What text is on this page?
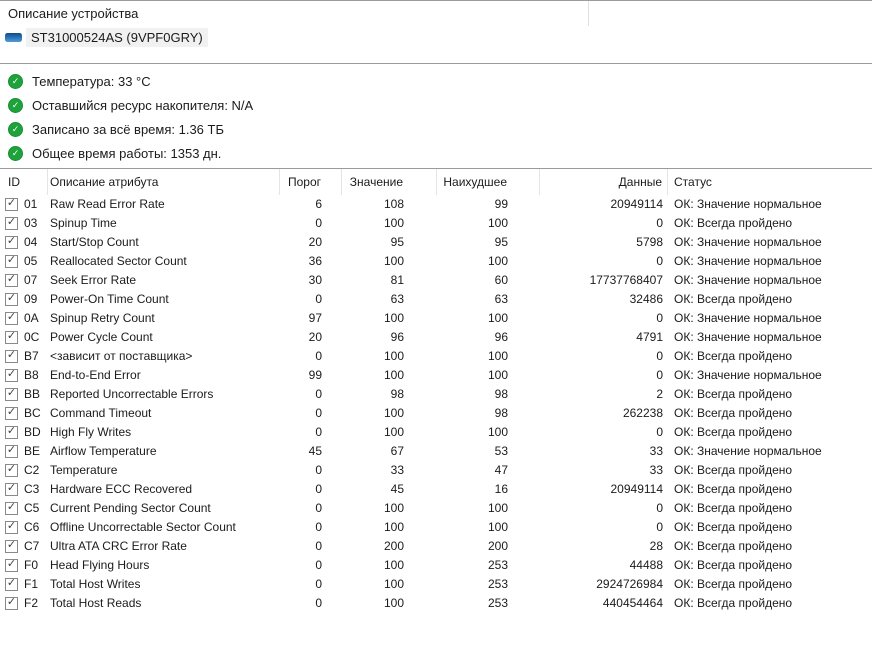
Описание устройства
ST31000524AS (9VPF0GRY)
✓
Температура: 33 °C
✓
Оставшийся ресурс накопителя: N/A
✓
Записано за всё время: 1.36 ТБ
✓
Общее время работы: 1353 дн.
ID	Описание атрибута	Порог	Значение	Наихудшее	Данные	Статус
✓
01 Raw Read Error Rate	6	108	99	20949114 ОК: Значение нормальное
✓
03 Spinup Time	0	100	100	0 ОК: Всегда пройдено
✓
04 Start/Stop Count	20	95	95	5798 ОК: Значение нормальное
✓
05 Reallocated Sector Count	36	100	100	0 ОК: Значение нормальное
✓
07 Seek Error Rate	30	81	60	17737768407 ОК: Значение нормальное
✓
09 Power-On Time Count	0	63	63	32486 ОК: Всегда пройдено
✓
0A Spinup Retry Count	97	100	100	0 ОК: Значение нормальное
✓
0C Power Cycle Count	20	96	96	4791 ОК: Значение нормальное
✓
B7 <зависит от поставщика>	0	100	100	0 ОК: Всегда пройдено
✓
B8 End-to-End Error	99	100	100	0 ОК: Значение нормальное
✓
BB Reported Uncorrectable Errors	0	98	98	2 ОК: Всегда пройдено
✓
BC Command Timeout	0	100	98	262238 ОК: Всегда пройдено
✓
BD High Fly Writes	0	100	100	0 ОК: Всегда пройдено
✓
BE Airflow Temperature	45	67	53	33 ОК: Значение нормальное
✓
C2 Temperature	0	33	47	33 ОК: Всегда пройдено
✓
C3 Hardware ECC Recovered	0	45	16	20949114 ОК: Всегда пройдено
✓
C5 Current Pending Sector Count	0	100	100	0 ОК: Всегда пройдено
✓
C6 Offline Uncorrectable Sector Count	0	100	100	0 ОК: Всегда пройдено
✓
C7 Ultra ATA CRC Error Rate	0	200	200	28 ОК: Всегда пройдено
✓
F0 Head Flying Hours	0	100	253	44488 ОК: Всегда пройдено
✓
F1 Total Host Writes	0	100	253	2924726984 ОК: Всегда пройдено
✓
F2 Total Host Reads	0	100	253	440454464 ОК: Всегда пройдено
